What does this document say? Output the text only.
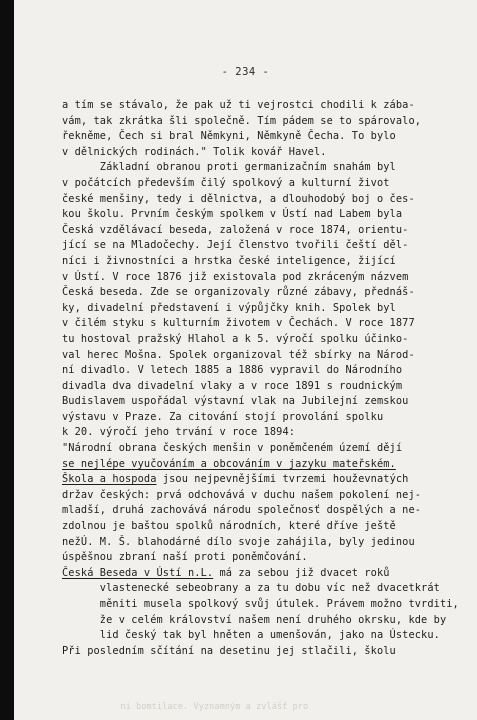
- 234 -
a tím se stávalo, že pak už ti vejrostci chodili k zába-
vám, tak zkrátka šli společně. Tím pádem se to spárovalo,
řekněme, Čech si bral Němkyni, Němkyně Čecha. To bylo
v dělnických rodinách." Tolik kovář Havel.
Základní obranou proti germanizačním snahám byl
v počátcích především čilý spolkový a kulturní život
české menšiny, tedy i dělnictva, a dlouhodobý boj o čes-
kou školu. Prvním českým spolkem v Ústí nad Labem byla
Česká vzdělávací beseda, založená v roce 1874, orientu-
jící se na Mladočechy. Její členstvo tvořili čeští děl-
níci i živnostníci a hrstka české inteligence, žijící
v Ústí. V roce 1876 již existovala pod zkráceným názvem
Česká beseda. Zde se organizovaly různé zábavy, přednáš-
ky, divadelní představení i výpůjčky knih. Spolek byl
v čilém styku s kulturním životem v Čechách. V roce 1877
tu hostoval pražský Hlahol a k 5. výročí spolku účinko-
val herec Mošna. Spolek organizoval též sbírky na Národ-
ní divadlo. V letech 1885 a 1886 vypravil do Národního
divadla dva divadelní vlaky a v roce 1891 s roudnickým
Budislavem uspořádal výstavní vlak na Jubilejní zemskou
výstavu v Praze. Za citování stojí provolání spolku
k 20. výročí jeho trvání v roce 1894:
"Národní obrana českých menšin v poněmčeném území dějí
se nejlépe vyučováním a obcováním v jazyku mateřském.
Škola a hospoda jsou nejpevnějšími tvrzemi houževnatých
držav českých: prvá odchovává v duchu našem pokolení nej-
mladší, druhá zachovává národu společnosť dospělých a ne-
zdolnou je baštou spolků národních, které dříve ještě
nežÚ. M. Š. blahodárné dílo svoje zahájila, byly jedinou
úspěšnou zbraní naší proti poněmčování.
Česká Beseda v Ústí n.L. má za sebou již dvacet roků
vlastenecké sebeobrany a za tu dobu víc než dvacetkrát
měniti musela spolkový svůj útulek. Právem možno tvrditi,
že v celém království našem není druhého okrsku, kde by
lid český tak byl hněten a umenšován, jako na Ústecku.
Při posledním sčítání na desetinu jej stlačili, školu
ni bomtilace. Vyznamným a zvlášť pro
